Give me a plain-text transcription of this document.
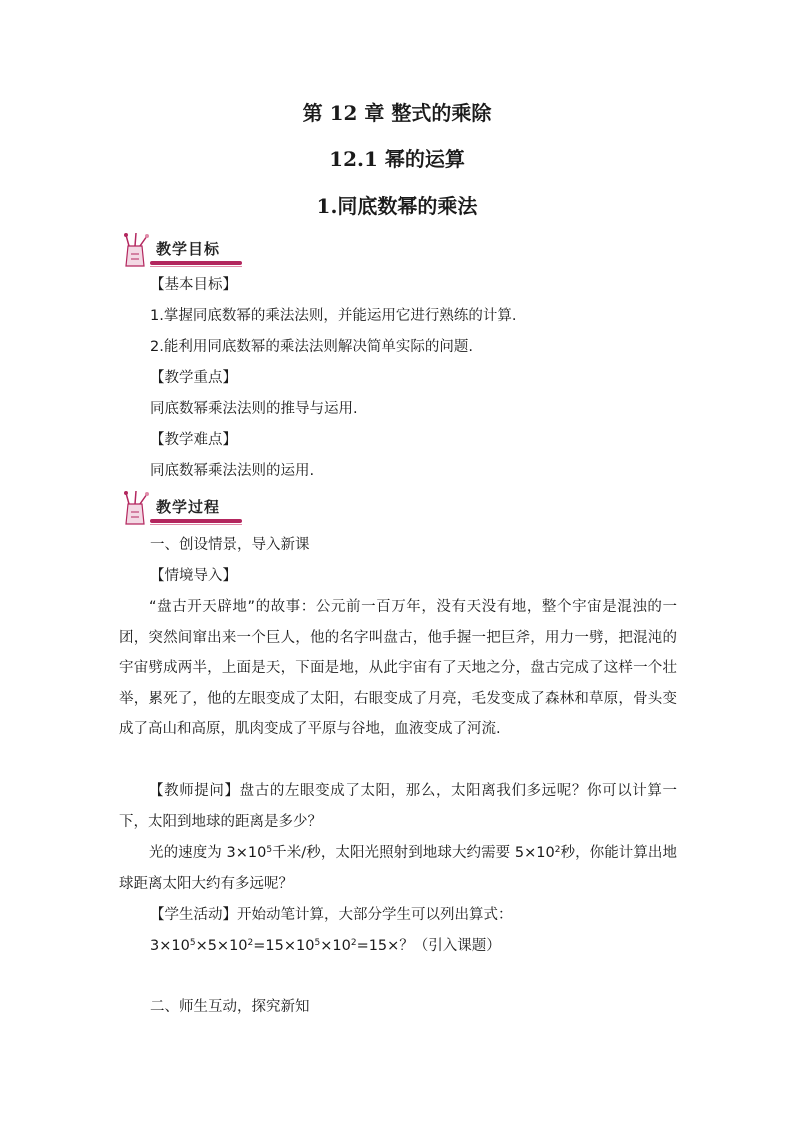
第 12 章 整式的乘除
12.1 幂的运算
1.同底数幂的乘法
教学目标
【基本目标】
1.掌握同底数幂的乘法法则，并能运用它进行熟练的计算.
2.能利用同底数幂的乘法法则解决简单实际的问题.
【教学重点】
同底数幂乘法法则的推导与运用.
【教学难点】
同底数幂乘法法则的运用.
教学过程
一、创设情景，导入新课
【情境导入】
“盘古开天辟地”的故事：公元前一百万年，没有天没有地，整个宇宙是混浊的一团，突然间窜出来一个巨人，他的名字叫盘古，他手握一把巨斧，用力一劈，把混沌的宇宙劈成两半，上面是天，下面是地，从此宇宙有了天地之分，盘古完成了这样一个壮举，累死了，他的左眼变成了太阳，右眼变成了月亮，毛发变成了森林和草原，骨头变成了高山和高原，肌肉变成了平原与谷地，血液变成了河流.
【教师提问】盘古的左眼变成了太阳，那么，太阳离我们多远呢？你可以计算一下，太阳到地球的距离是多少？
光的速度为 $3\times 10^5$千米/秒，太阳光照射到地球大约需要 $5\times 10^2$秒，你能计算出地球距离太阳大约有多远呢？
【学生活动】开始动笔计算，大部分学生可以列出算式：
$3\times 10^5\times 5\times 10^2=15\times 10^5\times 10^2=15\times$？（引入课题）
二、师生互动，探究新知
